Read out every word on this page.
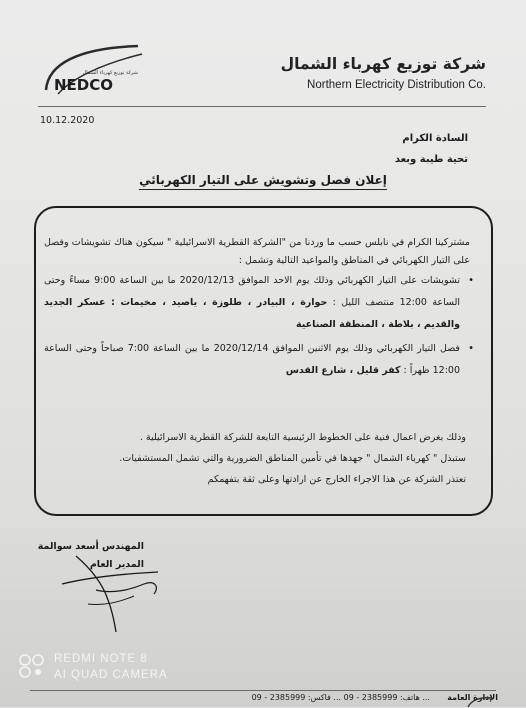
NEDCO
شركة توزيع كهرباء الشمال	شركة توزيع كهرباء الشمال
Northern Electricity Distribution Co.
10.12.2020
السادة الكرام
تحية طيبة وبعد
إعلان فصل وتشويش على التيار الكهربائي
مشتركينا الكرام في نابلس حسب ما وردنا من "الشركة القطرية الاسرائيلية " سيكون هناك تشويشات وفصل على التيار الكهربائي في المناطق والمواعيد التالية وتشمل :
•
تشويشات على التيار الكهربائي وذلك يوم الاحد الموافق 2020/12/13 ما بين الساعة 9:00 مساءً وحتى الساعة 12:00 منتصف الليل : حوارة ، البيادر ، طلوزة ، ياصيد ، مخيمات : عسكر الجديد والقديم ، بلاطة ، المنطقة الصناعية
•
فصل التيار الكهربائي وذلك يوم الاثنين الموافق 2020/12/14 ما بين الساعة 7:00 صباحاً وحتى الساعة 12:00 ظهراً : كفر قليل ، شارع القدس

وذلك بغرض اعمال فنية على الخطوط الرئيسية التابعة للشركة القطرية الاسرائيلية .

ستبذل " كهرباء الشمال " جهدها في تأمين المناطق الضرورية والتي تشمل المستشفيات.

تعتذر الشركة عن هذا الاجراء الخارج عن ارادتها وعلى ثقة بتفهمكم

المهندس أسعد سوالمة
المدير العام
REDMI NOTE 8
AI QUAD CAMERA
... هاتف: 2385999 - 09 ... فاكس: 2385999 - 09 الإدارة العامة
